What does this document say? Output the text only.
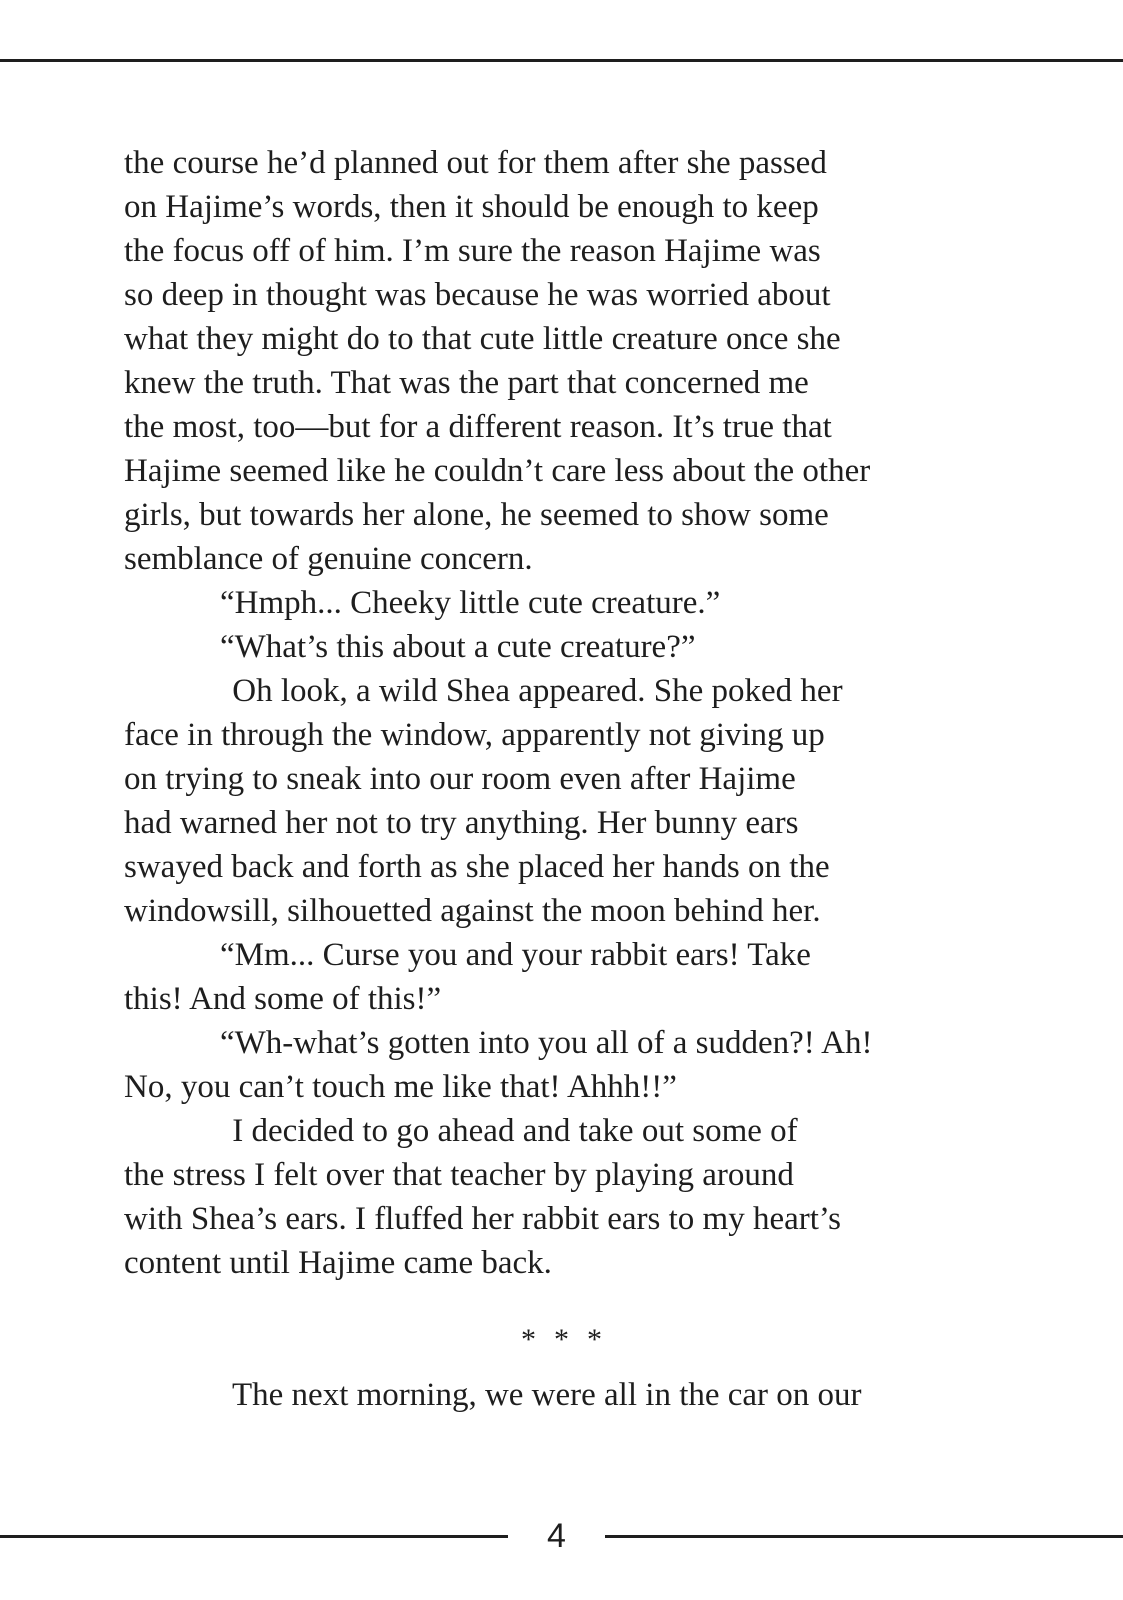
the course he’d planned out for them after she passed
on Hajime’s words, then it should be enough to keep
the focus off of him. I’m sure the reason Hajime was
so deep in thought was because he was worried about
what they might do to that cute little creature once she
knew the truth. That was the part that concerned me
the most, too—but for a different reason. It’s true that
Hajime seemed like he couldn’t care less about the other
girls, but towards her alone, he seemed to show some
semblance of genuine concern.
“Hmph... Cheeky little cute creature.”
“What’s this about a cute creature?”
Oh look, a wild Shea appeared. She poked her
face in through the window, apparently not giving up
on trying to sneak into our room even after Hajime
had warned her not to try anything. Her bunny ears
swayed back and forth as she placed her hands on the
windowsill, silhouetted against the moon behind her.
“Mm... Curse you and your rabbit ears! Take
this! And some of this!”
“Wh-what’s gotten into you all of a sudden?! Ah!
No, you can’t touch me like that! Ahhh!!”
I decided to go ahead and take out some of
the stress I felt over that teacher by playing around
with Shea’s ears. I fluffed her rabbit ears to my heart’s
content until Hajime came back.
* * *
The next morning, we were all in the car on our
4
